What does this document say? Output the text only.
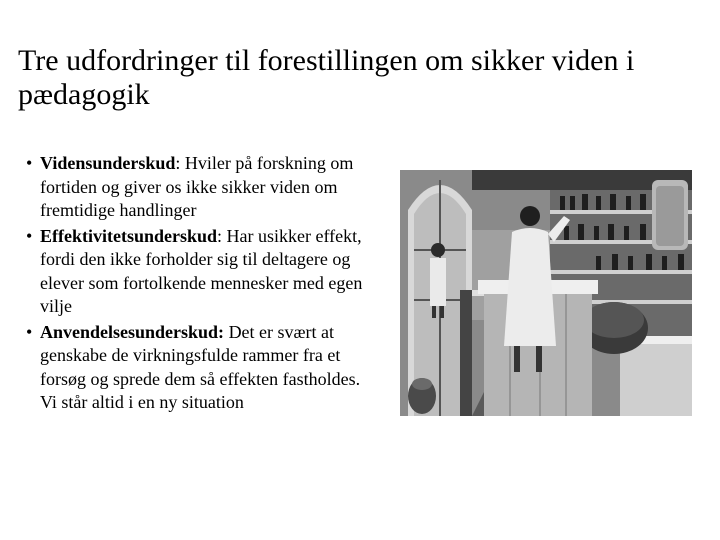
Tre udfordringer til forestillingen om sikker viden i pædagogik
• Vidensunderskud: Hviler på forskning om fortiden og giver os ikke sikker viden om fremtidige handlinger
• Effektivitetsunderskud: Har usikker effekt, fordi den ikke forholder sig til deltagere og elever som fortolkende mennesker med egen vilje
• Anvendelsesunderskud: Det er svært at genskabe de virkningsfulde rammer fra et forsøg og sprede dem så effekten fastholdes. Vi står altid i en ny situation
